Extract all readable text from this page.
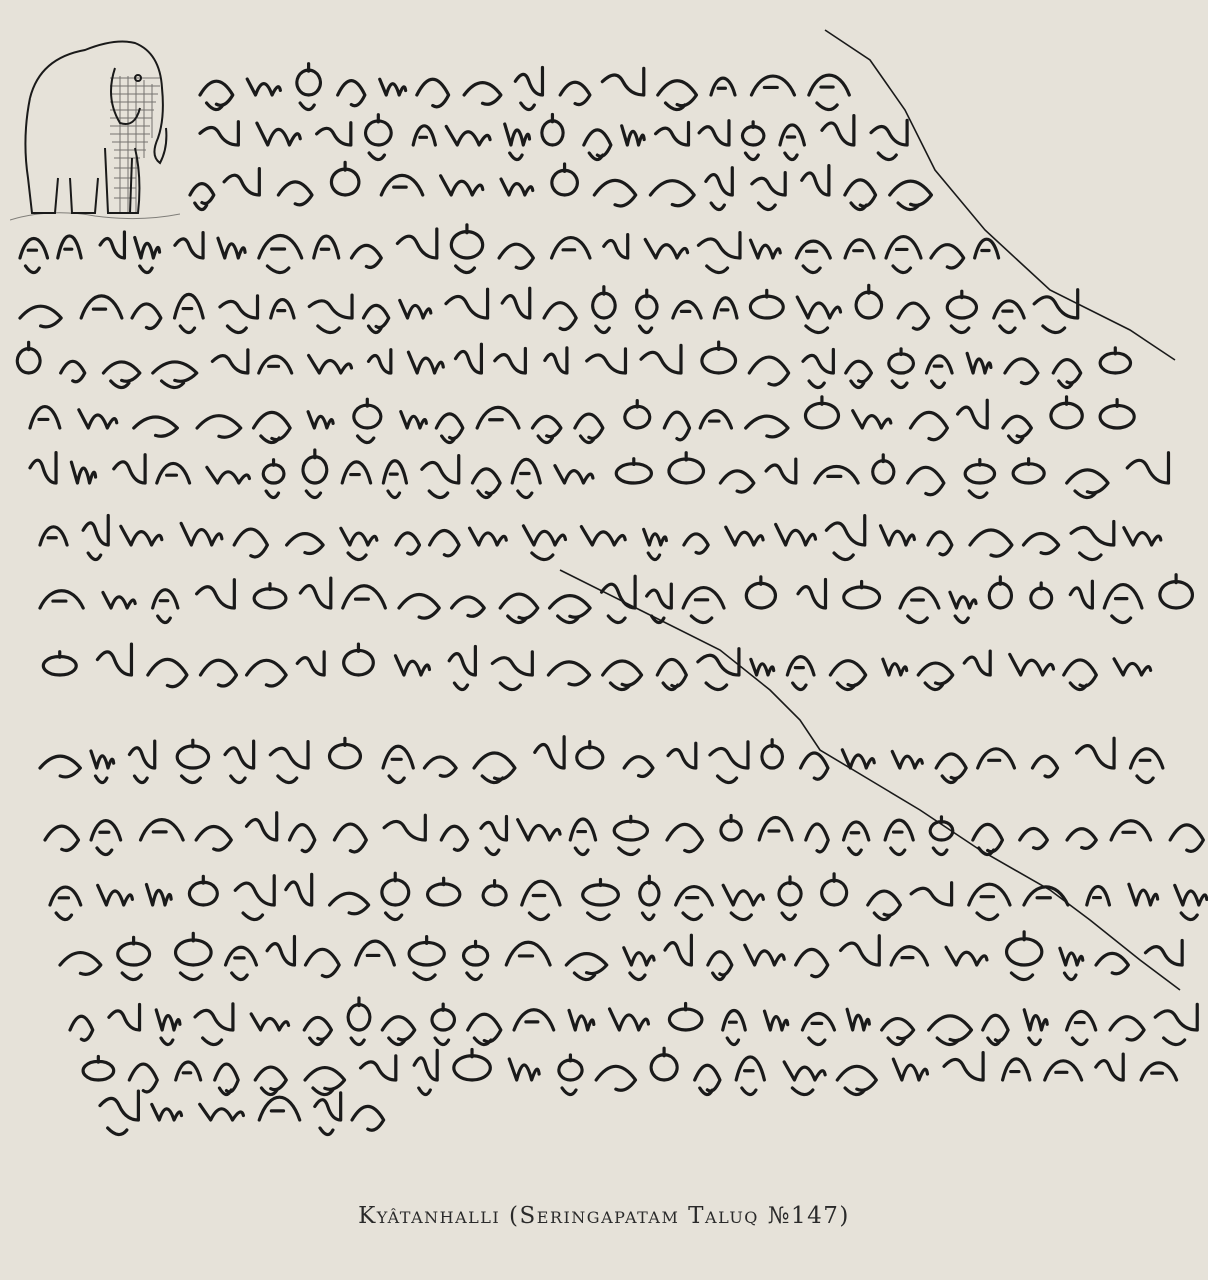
Kyâtanhalli (Seringapatam Taluq №147)
